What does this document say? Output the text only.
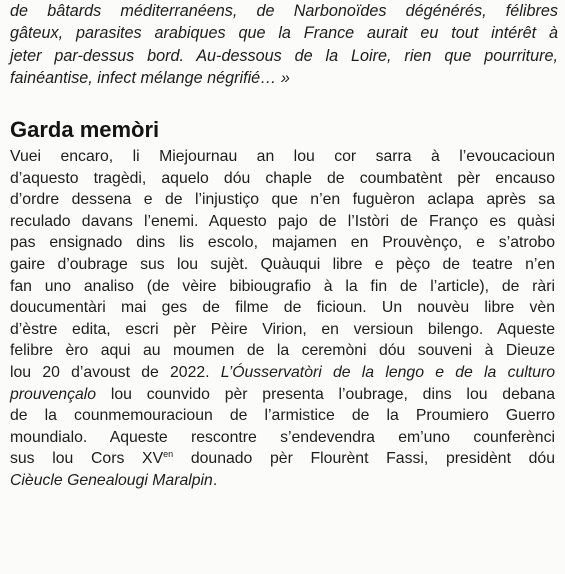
de bâtards méditerranéens, de Narbonoïdes dégénérés, félibres
gâteux, parasites arabiques que la France aurait eu tout intérêt à
jeter par-dessus bord. Au-dessous de la Loire, rien que pourriture,
fainéantise, infect mélange négrifié… »
Garda memòri
Vuei encaro, li Miejournau an lou cor sarra à l’evoucacioun
d’aquesto tragèdi, aquelo dóu chaple de coumbatènt pèr encauso
d’ordre dessena e de l’injustiço que n’en fuguèron aclapa après sa
reculado davans l’enemi. Aquesto pajo de l’Istòri de Franço es quàsi
pas ensignado dins lis escolo, majamen en Prouvènço, e s’atrobo
gaire d’oubrage sus lou sujèt. Quàuqui libre e pèço de teatre n’en
fan uno analiso (de vèire bibiougrafio à la fin de l’article), de ràri
doucumentàri mai ges de filme de ficioun. Un nouvèu libre vèn
d’èstre edita, escri pèr Pèire Virion, en versioun bilengo. Aqueste
felibre èro aqui au moumen de la ceremòni dóu souveni à Dieuze
lou 20 d’avoust de 2022. L’Óusservatòri de la lengo e de la culturo
prouvençalo lou counvido pèr presenta l’oubrage, dins lou debana
de la counmemouracioun de l’armistice de la Proumiero Guerro
moundialo. Aqueste rescontre s’endevendra em’uno counferènci
sus lou Cors $XV^{en}$ dounado pèr Flourènt Fassi, presidènt dóu
Cièucle Genealougi Maralpin.
